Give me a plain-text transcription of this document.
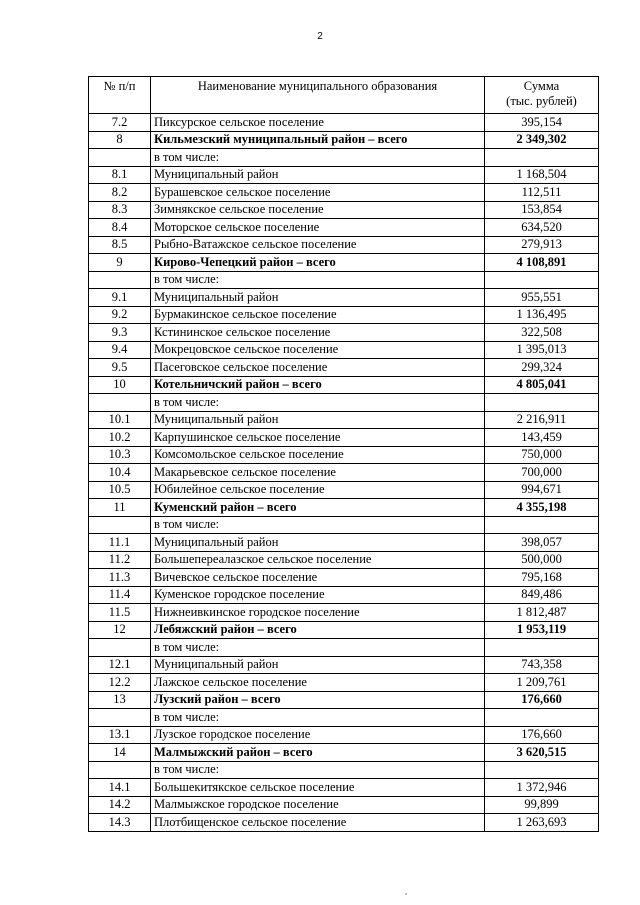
2
№ п/п	Наименование муниципального образования	Сумма
(тыс. рублей)
7.2	Пиксурское сельское поселение	395,154
8	Кильмезский муниципальный район – всего	2 349,302
	в том числе:	
8.1	Муниципальный район	1 168,504
8.2	Бурашевское сельское поселение	112,511
8.3	Зимнякское сельское поселение	153,854
8.4	Моторское сельское поселение	634,520
8.5	Рыбно-Ватажское сельское поселение	279,913
9	Кирово-Чепецкий район – всего	4 108,891
	в том числе:	
9.1	Муниципальный район	955,551
9.2	Бурмакинское сельское поселение	1 136,495
9.3	Кстининское сельское поселение	322,508
9.4	Мокрецовское сельское поселение	1 395,013
9.5	Пасеговское сельское поселение	299,324
10	Котельничский район – всего	4 805,041
	в том числе:	
10.1	Муниципальный район	2 216,911
10.2	Карпушинское сельское поселение	143,459
10.3	Комсомольское сельское поселение	750,000
10.4	Макарьевское сельское поселение	700,000
10.5	Юбилейное сельское поселение	994,671
11	Куменский район – всего	4 355,198
	в том числе:	
11.1	Муниципальный район	398,057
11.2	Большепереалазское сельское поселение	500,000
11.3	Вичевское сельское поселение	795,168
11.4	Куменское городское поселение	849,486
11.5	Нижнеивкинское городское поселение	1 812,487
12	Лебяжский район – всего	1 953,119
	в том числе:	
12.1	Муниципальный район	743,358
12.2	Лажское сельское поселение	1 209,761
13	Лузский район – всего	176,660
	в том числе:	
13.1	Лузское городское поселение	176,660
14	Малмыжский район – всего	3 620,515
	в том числе:	
14.1	Большекитякское сельское поселение	1 372,946
14.2	Малмыжское городское поселение	99,899
14.3	Плотбищенское сельское поселение	1 263,693
